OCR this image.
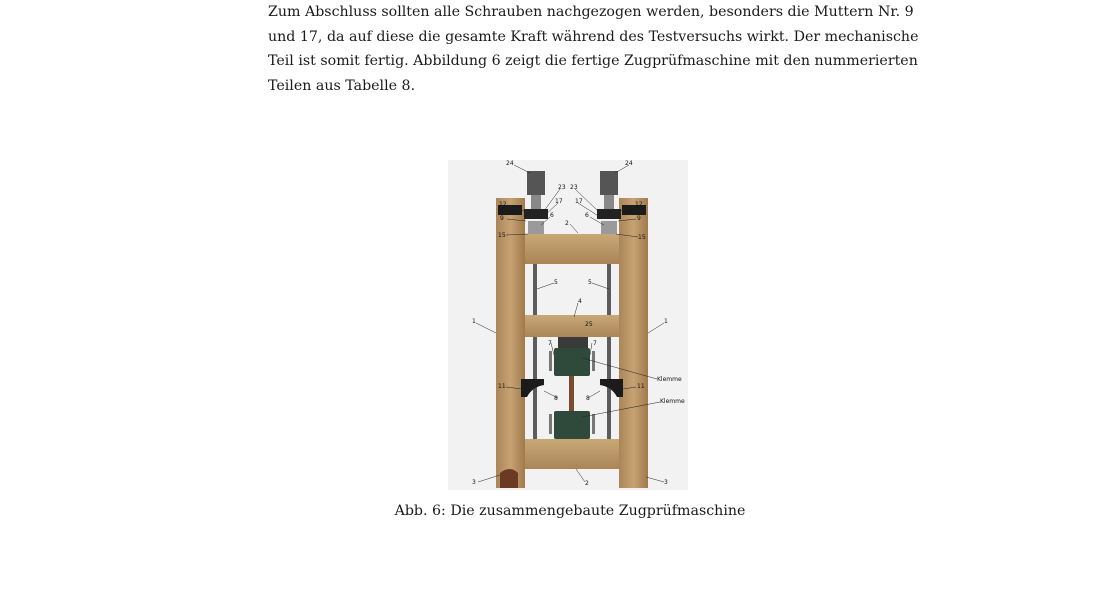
Zum Abschluss sollten alle Schrauben nachgezogen werden, besonders die Muttern Nr. 9
und 17, da auf diese die gesamte Kraft während des Testversuchs wirkt. Der mechanische
Teil ist somit fertig. Abbildung 6 zeigt die fertige Zugprüfmaschine mit den nummerierten
Teilen aus Tabelle 8.
24	24
23 23
17 17
12	12
9	9
6	6
2
15	15
5	5
4
1	1
25
7	7
11	11
8	8
Klemme
Klemme
3	3
2
Abb. 6: Die zusammengebaute Zugprüfmaschine
